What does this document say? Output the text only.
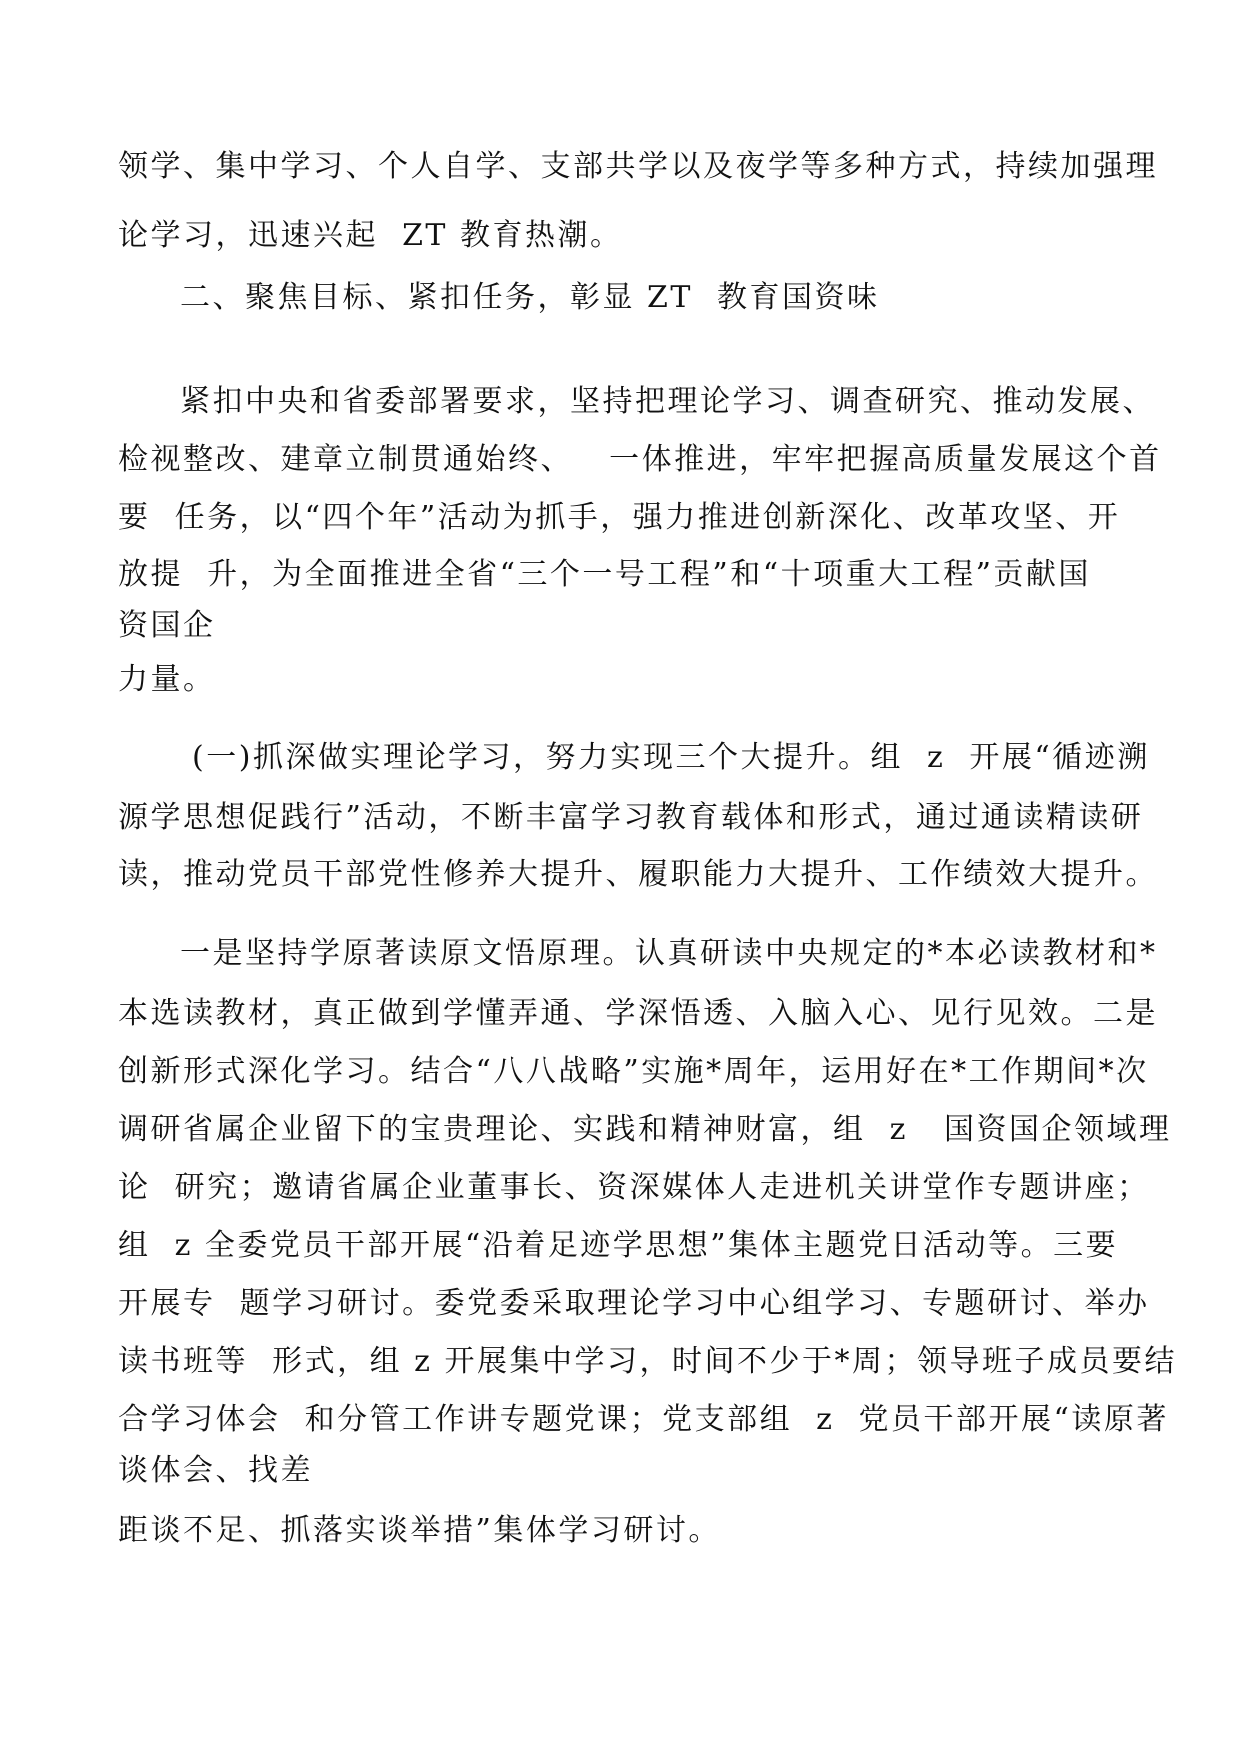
领学、集中学习、个人自学、支部共学以及夜学等多种方式，持续加强理
论学习，迅速兴起  ZT 教育热潮。
二、聚焦目标、紧扣任务，彰显 ZT  教育国资味
紧扣中央和省委部署要求，坚持把理论学习、调查研究、推动发展、
检视整改、建章立制贯通始终、   一体推进，牢牢把握高质量发展这个首
要  任务，以“四个年”活动为抓手，强力推进创新深化、改革攻坚、开
放提  升，为全面推进全省“三个一号工程”和“十项重大工程”贡献国
资国企
力量。
(一)抓深做实理论学习，努力实现三个大提升。组  z  开展“循迹溯
源学思想促践行”活动，不断丰富学习教育载体和形式，通过通读精读研
读，推动党员干部党性修养大提升、履职能力大提升、工作绩效大提升。
一是坚持学原著读原文悟原理。认真研读中央规定的*本必读教材和*
本选读教材，真正做到学懂弄通、学深悟透、入脑入心、见行见效。二是
创新形式深化学习。结合“八八战略”实施*周年，运用好在*工作期间*次
调研省属企业留下的宝贵理论、实践和精神财富，组  z   国资国企领域理
论  研究；邀请省属企业董事长、资深媒体人走进机关讲堂作专题讲座；
组  z 全委党员干部开展“沿着足迹学思想”集体主题党日活动等。三要
开展专  题学习研讨。委党委采取理论学习中心组学习、专题研讨、举办
读书班等  形式，组 z 开展集中学习，时间不少于*周；领导班子成员要结
合学习体会  和分管工作讲专题党课；党支部组  z  党员干部开展“读原著
谈体会、找差
距谈不足、抓落实谈举措”集体学习研讨。
